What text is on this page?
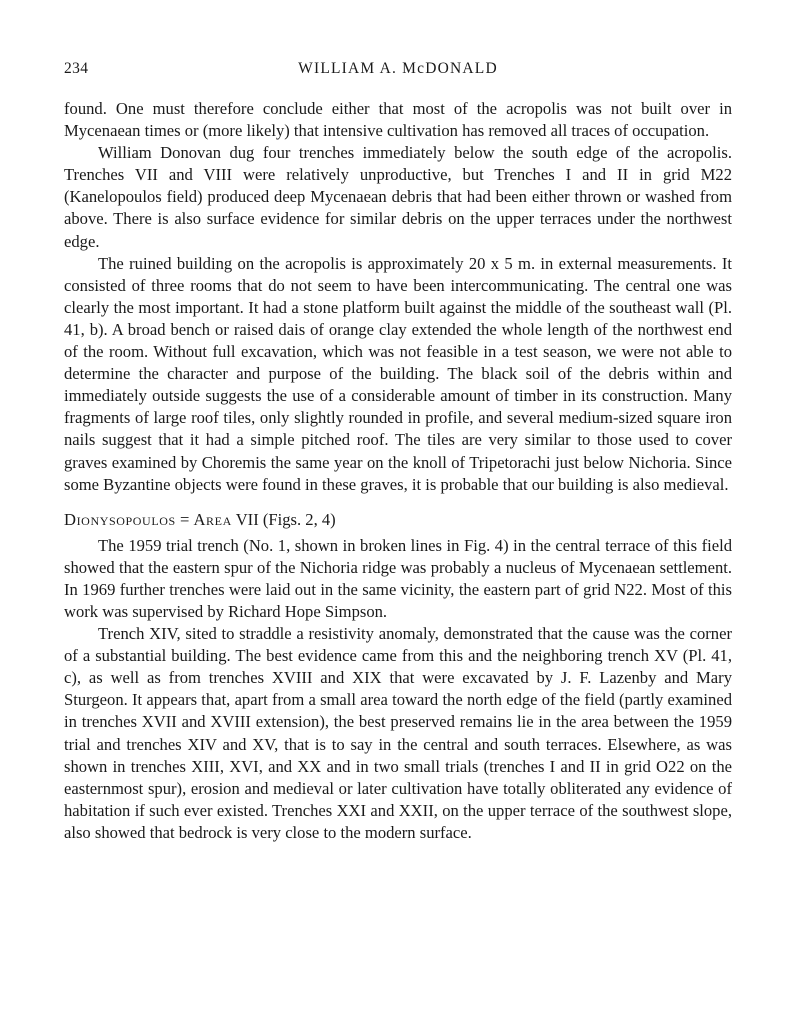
234	WILLIAM A. McDONALD

found. One must therefore conclude either that most of the acropolis was not built over in Mycenaean times or (more likely) that intensive cultivation has removed all traces of occupation.

William Donovan dug four trenches immediately below the south edge of the acropolis. Trenches VII and VIII were relatively unproductive, but Trenches I and II in grid M22 (Kanelopoulos field) produced deep Mycenaean debris that had been either thrown or washed from above. There is also surface evidence for similar debris on the upper terraces under the northwest edge.

The ruined building on the acropolis is approximately 20 x 5 m. in external measurements. It consisted of three rooms that do not seem to have been intercommunicating. The central one was clearly the most important. It had a stone platform built against the middle of the southeast wall (Pl. 41, b). A broad bench or raised dais of orange clay extended the whole length of the northwest end of the room. Without full excavation, which was not feasible in a test season, we were not able to determine the character and purpose of the building. The black soil of the debris within and immediately outside suggests the use of a considerable amount of timber in its construction. Many fragments of large roof tiles, only slightly rounded in profile, and several medium-sized square iron nails suggest that it had a simple pitched roof. The tiles are very similar to those used to cover graves examined by Choremis the same year on the knoll of Tripetorachi just below Nichoria. Since some Byzantine objects were found in these graves, it is probable that our building is also medieval.

Dionysopoulos = Area VII (Figs. 2, 4)

The 1959 trial trench (No. 1, shown in broken lines in Fig. 4) in the central terrace of this field showed that the eastern spur of the Nichoria ridge was probably a nucleus of Mycenaean settlement. In 1969 further trenches were laid out in the same vicinity, the eastern part of grid N22. Most of this work was supervised by Richard Hope Simpson.

Trench XIV, sited to straddle a resistivity anomaly, demonstrated that the cause was the corner of a substantial building. The best evidence came from this and the neighboring trench XV (Pl. 41, c), as well as from trenches XVIII and XIX that were excavated by J. F. Lazenby and Mary Sturgeon. It appears that, apart from a small area toward the north edge of the field (partly examined in trenches XVII and XVIII extension), the best preserved remains lie in the area between the 1959 trial and trenches XIV and XV, that is to say in the central and south terraces. Elsewhere, as was shown in trenches XIII, XVI, and XX and in two small trials (trenches I and II in grid O22 on the easternmost spur), erosion and medieval or later cultivation have totally obliterated any evidence of habitation if such ever existed. Trenches XXI and XXII, on the upper terrace of the southwest slope, also showed that bedrock is very close to the modern surface.
